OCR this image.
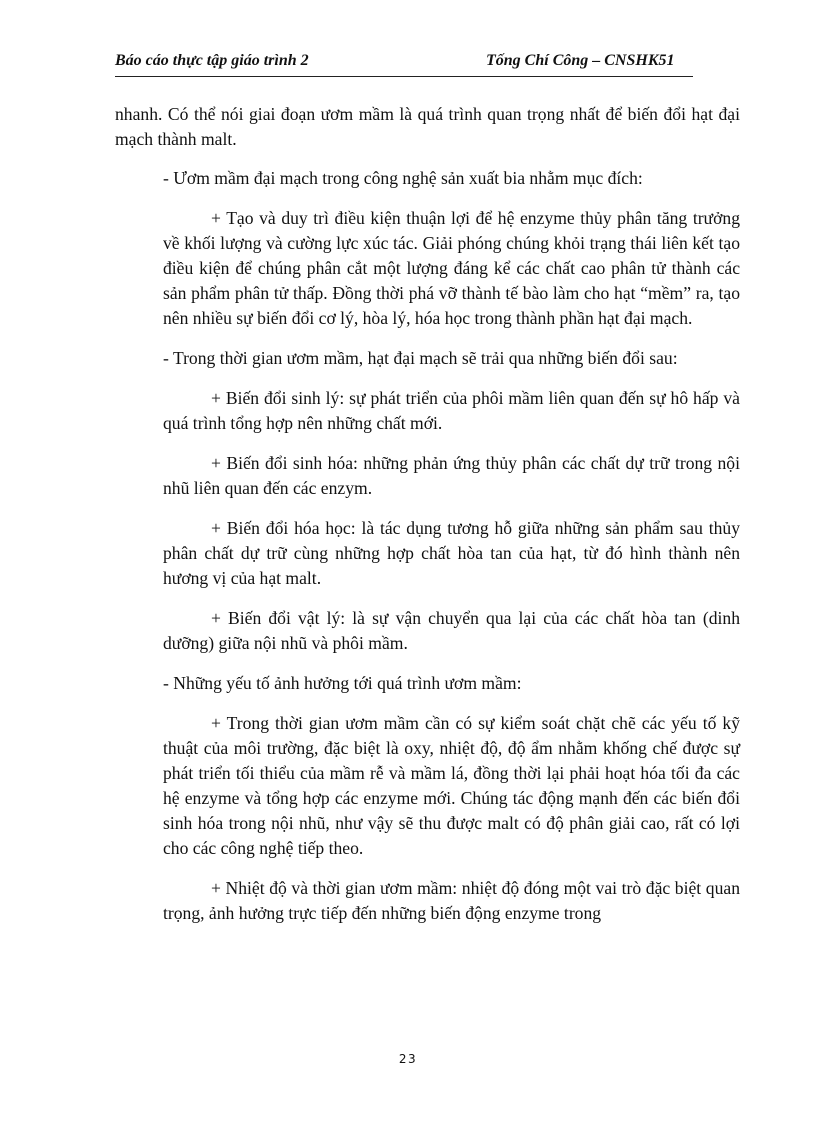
Báo cáo thực tập giáo trình 2	Tống Chí Công – CNSHK51

nhanh. Có thể nói giai đoạn ươm mầm là quá trình quan trọng nhất để biến đổi hạt đại mạch thành malt.

- Ươm mầm đại mạch trong công nghệ sản xuất bia nhằm mục đích:

+ Tạo và duy trì điều kiện thuận lợi để hệ enzyme thủy phân tăng trưởng về khối lượng và cường lực xúc tác. Giải phóng chúng khỏi trạng thái liên kết tạo điều kiện để chúng phân cắt một lượng đáng kể các chất cao phân tử thành các sản phẩm phân tử thấp. Đồng thời phá vỡ thành tế bào làm cho hạt “mềm” ra, tạo nên nhiều sự biến đổi cơ lý, hòa lý, hóa học trong thành phần hạt đại mạch.

- Trong thời gian ươm mầm, hạt đại mạch sẽ trải qua những biến đổi sau:

+ Biến đổi sinh lý: sự phát triển của phôi mầm liên quan đến sự hô hấp và quá trình tổng hợp nên những chất mới.

+ Biến đổi sinh hóa: những phản ứng thủy phân các chất dự trữ trong nội nhũ liên quan đến các enzym.

+ Biến đổi hóa học: là tác dụng tương hỗ giữa những sản phẩm sau thủy phân chất dự trữ cùng những hợp chất hòa tan của hạt, từ đó hình thành nên hương vị của hạt malt.

+ Biến đổi vật lý: là sự vận chuyển qua lại của các chất hòa tan (dinh dưỡng) giữa nội nhũ và phôi mầm.

- Những yếu tố ảnh hưởng tới quá trình ươm mầm:

+ Trong thời gian ươm mầm cần có sự kiểm soát chặt chẽ các yếu tố kỹ thuật của môi trường, đặc biệt là oxy, nhiệt độ, độ ẩm nhằm khống chế được sự phát triển tối thiểu của mầm rễ và mầm lá, đồng thời lại phải hoạt hóa tối đa các hệ enzyme và tổng hợp các enzyme mới. Chúng tác động mạnh đến các biến đổi sinh hóa trong nội nhũ, như vậy sẽ thu được malt có độ phân giải cao, rất có lợi cho các công nghệ tiếp theo.

+ Nhiệt độ và thời gian ươm mầm: nhiệt độ đóng một vai trò đặc biệt quan trọng, ảnh hưởng trực tiếp đến những biến động enzyme trong

23
